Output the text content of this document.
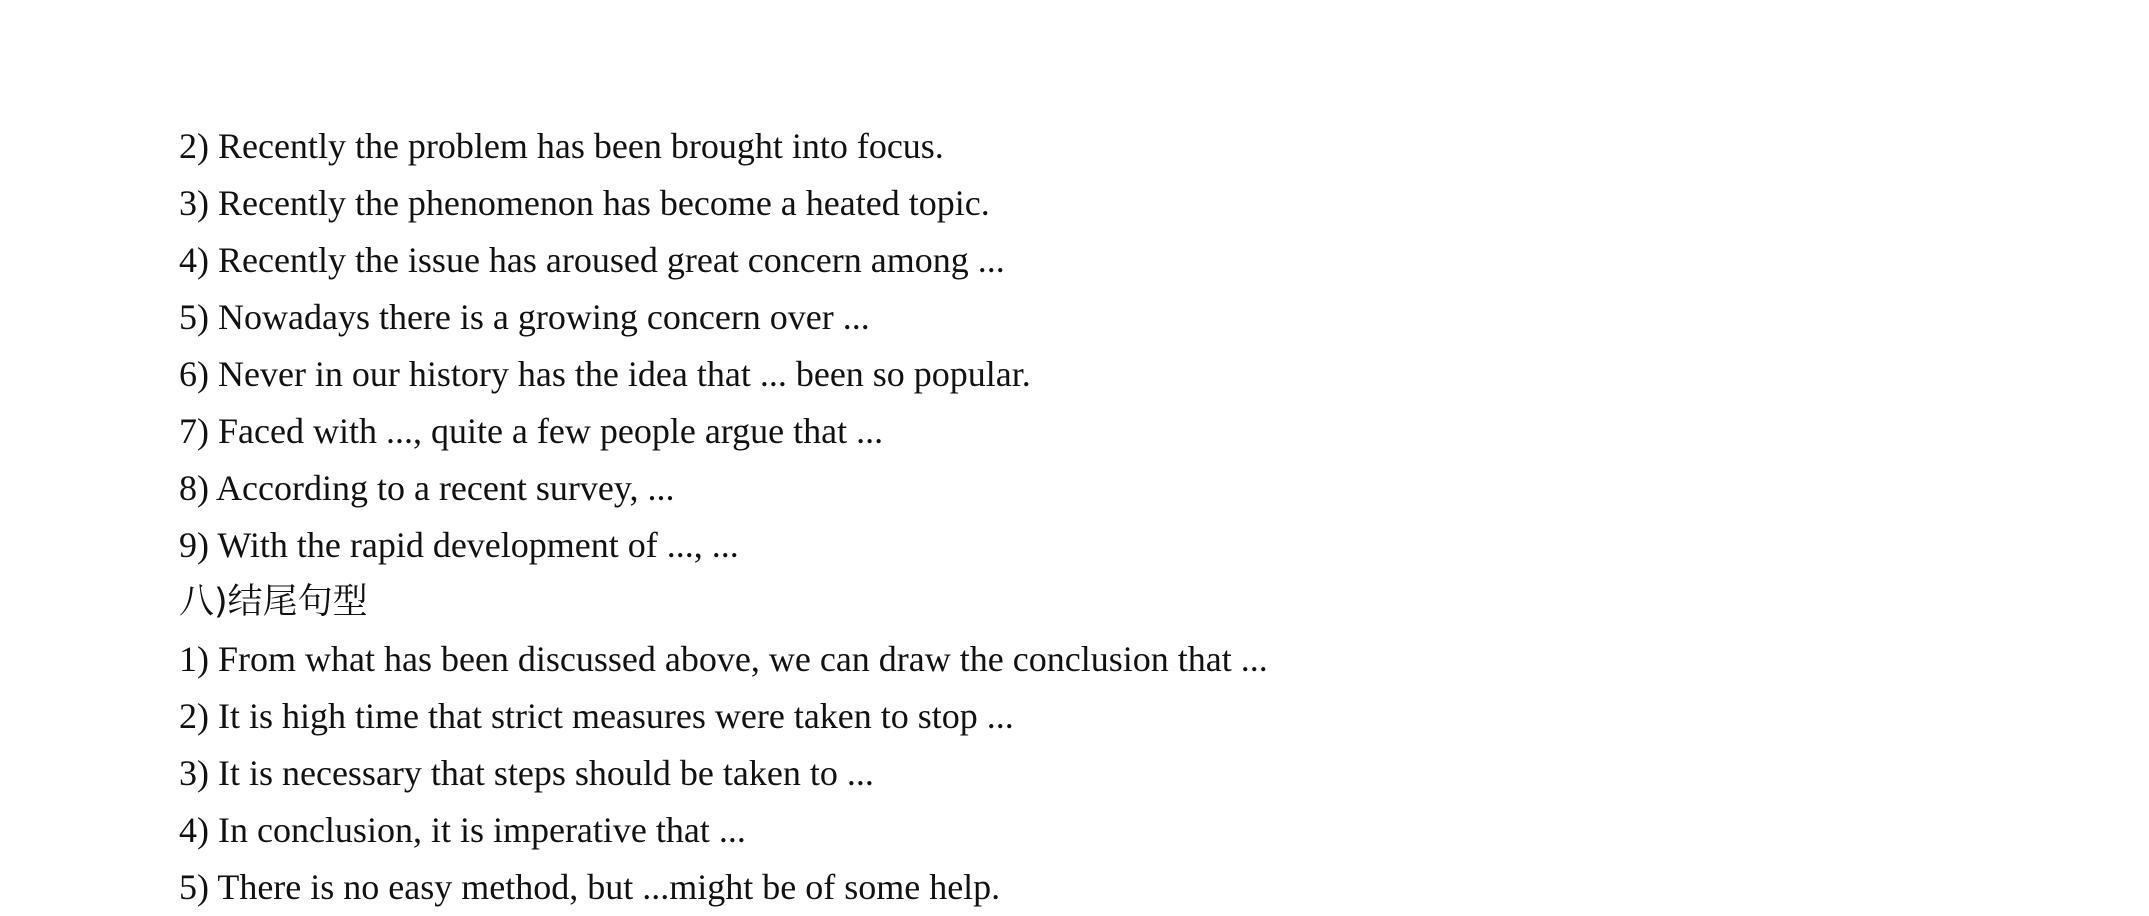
2) Recently the problem has been brought into focus.
3) Recently the phenomenon has become a heated topic.
4) Recently the issue has aroused great concern among ...
5) Nowadays there is a growing concern over ...
6) Never in our history has the idea that ... been so popular.
7) Faced with ..., quite a few people argue that ...
8) According to a recent survey, ...
9) With the rapid development of ..., ...
八)结尾句型
1) From what has been discussed above, we can draw the conclusion that ...
2) It is high time that strict measures were taken to stop ...
3) It is necessary that steps should be taken to ...
4) In conclusion, it is imperative that ...
5) There is no easy method, but ...might be of some help.
